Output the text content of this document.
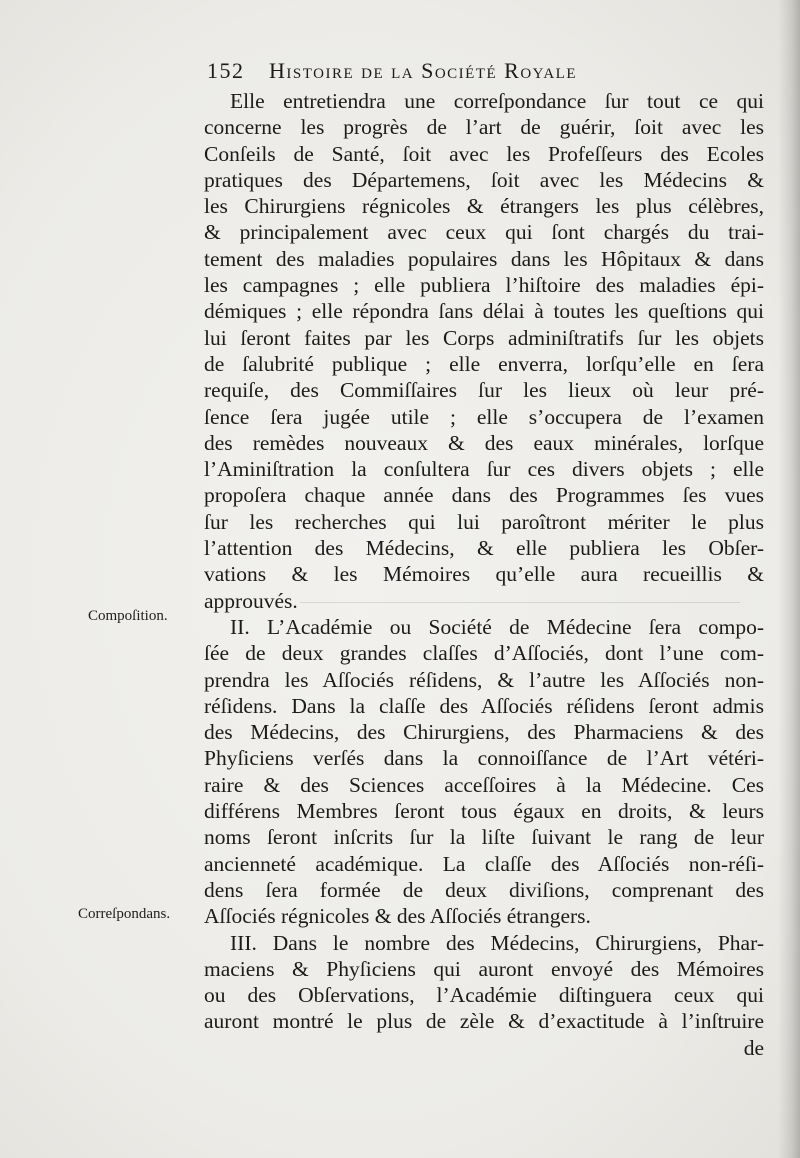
152 Histoire de la Société Royale
Compoſition.
Correſpondans.
Elle entretiendra une correſpondance ſur tout ce qui
concerne les progrès de l’art de guérir, ſoit avec les
Conſeils de Santé, ſoit avec les Profeſſeurs des Ecoles
pratiques des Départemens, ſoit avec les Médecins &
les Chirurgiens régnicoles & étrangers les plus célèbres,
& principalement avec ceux qui ſont chargés du trai-
tement des maladies populaires dans les Hôpitaux & dans
les campagnes ; elle publiera l’hiſtoire des maladies épi-
démiques ; elle répondra ſans délai à toutes les queſtions qui
lui ſeront faites par les Corps adminiſtratifs ſur les objets
de ſalubrité publique ; elle enverra, lorſqu’elle en ſera
requiſe, des Commiſſaires ſur les lieux où leur pré-
ſence ſera jugée utile ; elle s’occupera de l’examen
des remèdes nouveaux & des eaux minérales, lorſque
l’Aminiſtration la conſultera ſur ces divers objets ; elle
propoſera chaque année dans des Programmes ſes vues
ſur les recherches qui lui paroîtront mériter le plus
l’attention des Médecins, & elle publiera les Obſer-
vations & les Mémoires qu’elle aura recueillis &
approuvés.
II. L’Académie ou Société de Médecine ſera compo-
ſée de deux grandes claſſes d’Aſſociés, dont l’une com-
prendra les Aſſociés réſidens, & l’autre les Aſſociés non-
réſidens. Dans la claſſe des Aſſociés réſidens ſeront admis
des Médecins, des Chirurgiens, des Pharmaciens & des
Phyſiciens verſés dans la connoiſſance de l’Art vétéri-
raire & des Sciences acceſſoires à la Médecine. Ces
différens Membres ſeront tous égaux en droits, & leurs
noms ſeront inſcrits ſur la liſte ſuivant le rang de leur
ancienneté académique. La claſſe des Aſſociés non-réſi-
dens ſera formée de deux diviſions, comprenant des
Aſſociés régnicoles & des Aſſociés étrangers.
III. Dans le nombre des Médecins, Chirurgiens, Phar-
maciens & Phyſiciens qui auront envoyé des Mémoires
ou des Obſervations, l’Académie diſtinguera ceux qui
auront montré le plus de zèle & d’exactitude à l’inſtruire
de
